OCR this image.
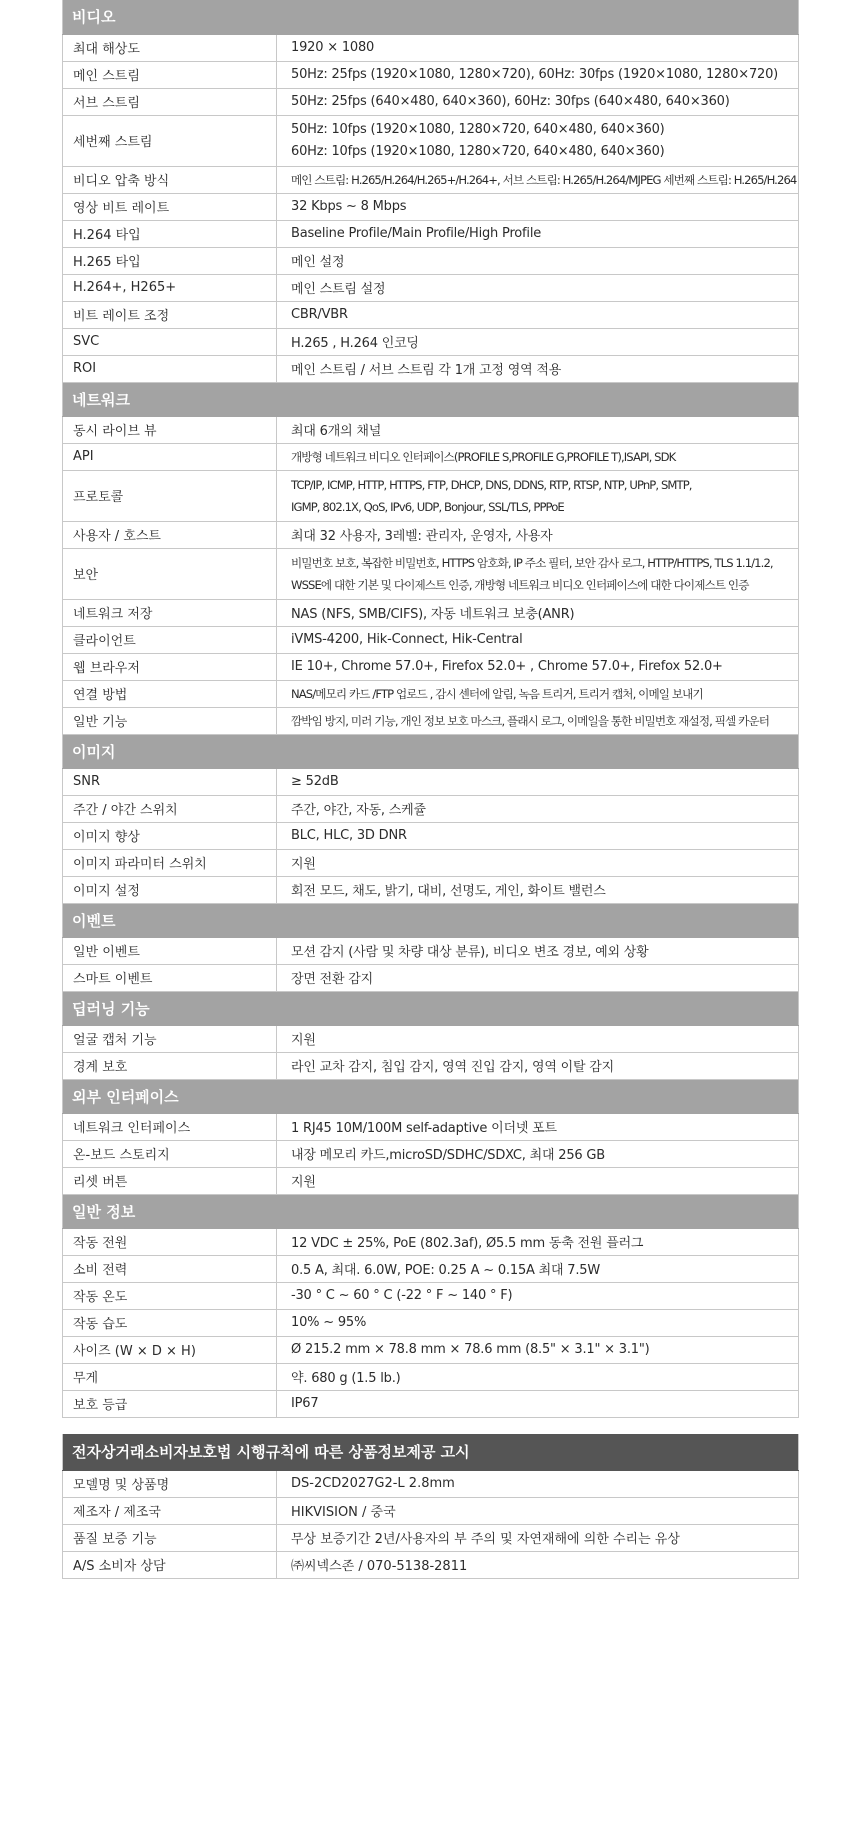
비디오	
최대 해상도	1920 × 1080

메인 스트림	50Hz: 25fps (1920×1080, 1280×720), 60Hz: 30fps (1920×1080, 1280×720)

서브 스트림	50Hz: 25fps (640×480, 640×360), 60Hz: 30fps (640×480, 640×360)

세번째 스트림	50Hz: 10fps (1920×1080, 1280×720, 640×480, 640×360)
60Hz: 10fps (1920×1080, 1280×720, 640×480, 640×360)

비디오 압축 방식	메인 스트림: H.265/H.264/H.265+/H.264+, 서브 스트림: H.265/H.264/MJPEG 세번째 스트림: H.265/H.264

영상 비트 레이트	32 Kbps ~ 8 Mbps

H.264 타입	Baseline Profile/Main Profile/High Profile

H.265 타입	메인 설정

H.264+, H265+	메인 스트림 설정

비트 레이트 조정	CBR/VBR

SVC	H.265 , H.264 인코딩

ROI	메인 스트림 / 서브 스트림 각 1개 고정 영역 적용

네트워크	
동시 라이브 뷰	최대 6개의 채널

API	개방형 네트워크 비디오 인터페이스(PROFILE S,PROFILE G,PROFILE T),ISAPI, SDK

프로토콜	TCP/IP, ICMP, HTTP, HTTPS, FTP, DHCP, DNS, DDNS, RTP, RTSP, NTP, UPnP, SMTP,
IGMP, 802.1X, QoS, IPv6, UDP, Bonjour, SSL/TLS, PPPoE

사용자 / 호스트	최대 32 사용자, 3레벨: 관리자, 운영자, 사용자

보안	비밀번호 보호, 복잡한 비밀번호, HTTPS 암호화, IP 주소 필터, 보안 감사 로그, HTTP/HTTPS, TLS 1.1/1.2,
WSSE에 대한 기본 및 다이제스트 인증, 개방형 네트워크 비디오 인터페이스에 대한 다이제스트 인증

네트워크 저장	NAS (NFS, SMB/CIFS), 자동 네트워크 보충(ANR)

클라이언트	iVMS-4200, Hik-Connect, Hik-Central

웹 브라우저	IE 10+, Chrome 57.0+, Firefox 52.0+ , Chrome 57.0+, Firefox 52.0+

연결 방법	NAS/메모리 카드 /FTP 업로드 , 감시 센터에 알림, 녹음 트리거, 트리거 캡처, 이메일 보내기

일반 기능	깜박임 방지, 미러 기능, 개인 정보 보호 마스크, 플래시 로그, 이메일을 통한 비밀번호 재설정, 픽셀 카운터

이미지	
SNR	≥ 52dB

주간 / 야간 스위치	주간, 야간, 자동, 스케쥴

이미지 향상	BLC, HLC, 3D DNR

이미지 파라미터 스위치	지원

이미지 설정	회전 모드, 채도, 밝기, 대비, 선명도, 게인, 화이트 밸런스

이벤트	
일반 이벤트	모션 감지 (사람 및 차량 대상 분류), 비디오 변조 경보, 예외 상황

스마트 이벤트	장면 전환 감지

딥러닝 기능	
얼굴 캡처 기능	지원

경계 보호	라인 교차 감지, 침입 감지, 영역 진입 감지, 영역 이탈 감지

외부 인터페이스	
네트워크 인터페이스	1 RJ45 10M/100M self-adaptive 이더넷 포트

온-보드 스토리지	내장 메모리 카드,microSD/SDHC/SDXC, 최대 256 GB

리셋 버튼	지원

일반 정보	
작동 전원	12 VDC ± 25%, PoE (802.3af), Ø5.5 mm 동축 전원 플러그

소비 전력	0.5 A, 최대. 6.0W, POE: 0.25 A ~ 0.15A 최대 7.5W

작동 온도	-30 ° C ~ 60 ° C (-22 ° F ~ 140 ° F)

작동 습도	10% ~ 95%

사이즈 (W × D × H)	Ø 215.2 mm × 78.8 mm × 78.6 mm (8.5" × 3.1" × 3.1")

무게	약. 680 g (1.5 lb.)

보호 등급	IP67
전자상거래소비자보호법 시행규칙에 따른 상품정보제공 고시	
모델명 및 상품명	DS-2CD2027G2-L 2.8mm

제조자 / 제조국	HIKVISION / 중국

품질 보증 기능	무상 보증기간 2년/사용자의 부 주의 및 자연재해에 의한 수리는 유상

A/S 소비자 상담	㈜씨넥스존 / 070-5138-2811
